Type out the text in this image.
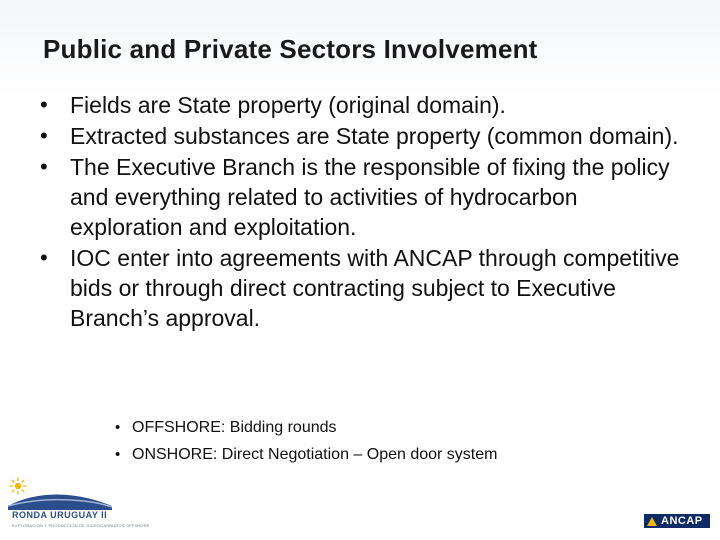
Public and Private Sectors Involvement
• Fields are State property (original domain).
• Extracted substances are State property (common domain).
• The Executive Branch is the responsible of fixing the policy and everything related to activities of hydrocarbon exploration and exploitation.
• IOC enter into agreements with ANCAP through competitive bids or through direct contracting subject to Executive Branch’s approval.
• OFFSHORE: Bidding rounds
• ONSHORE: Direct Negotiation – Open door system
RONDA URUGUAY II
EXPLORACION Y PRODUCCION DE HIDROCARBUROS OFFSHORE	ANCAP
